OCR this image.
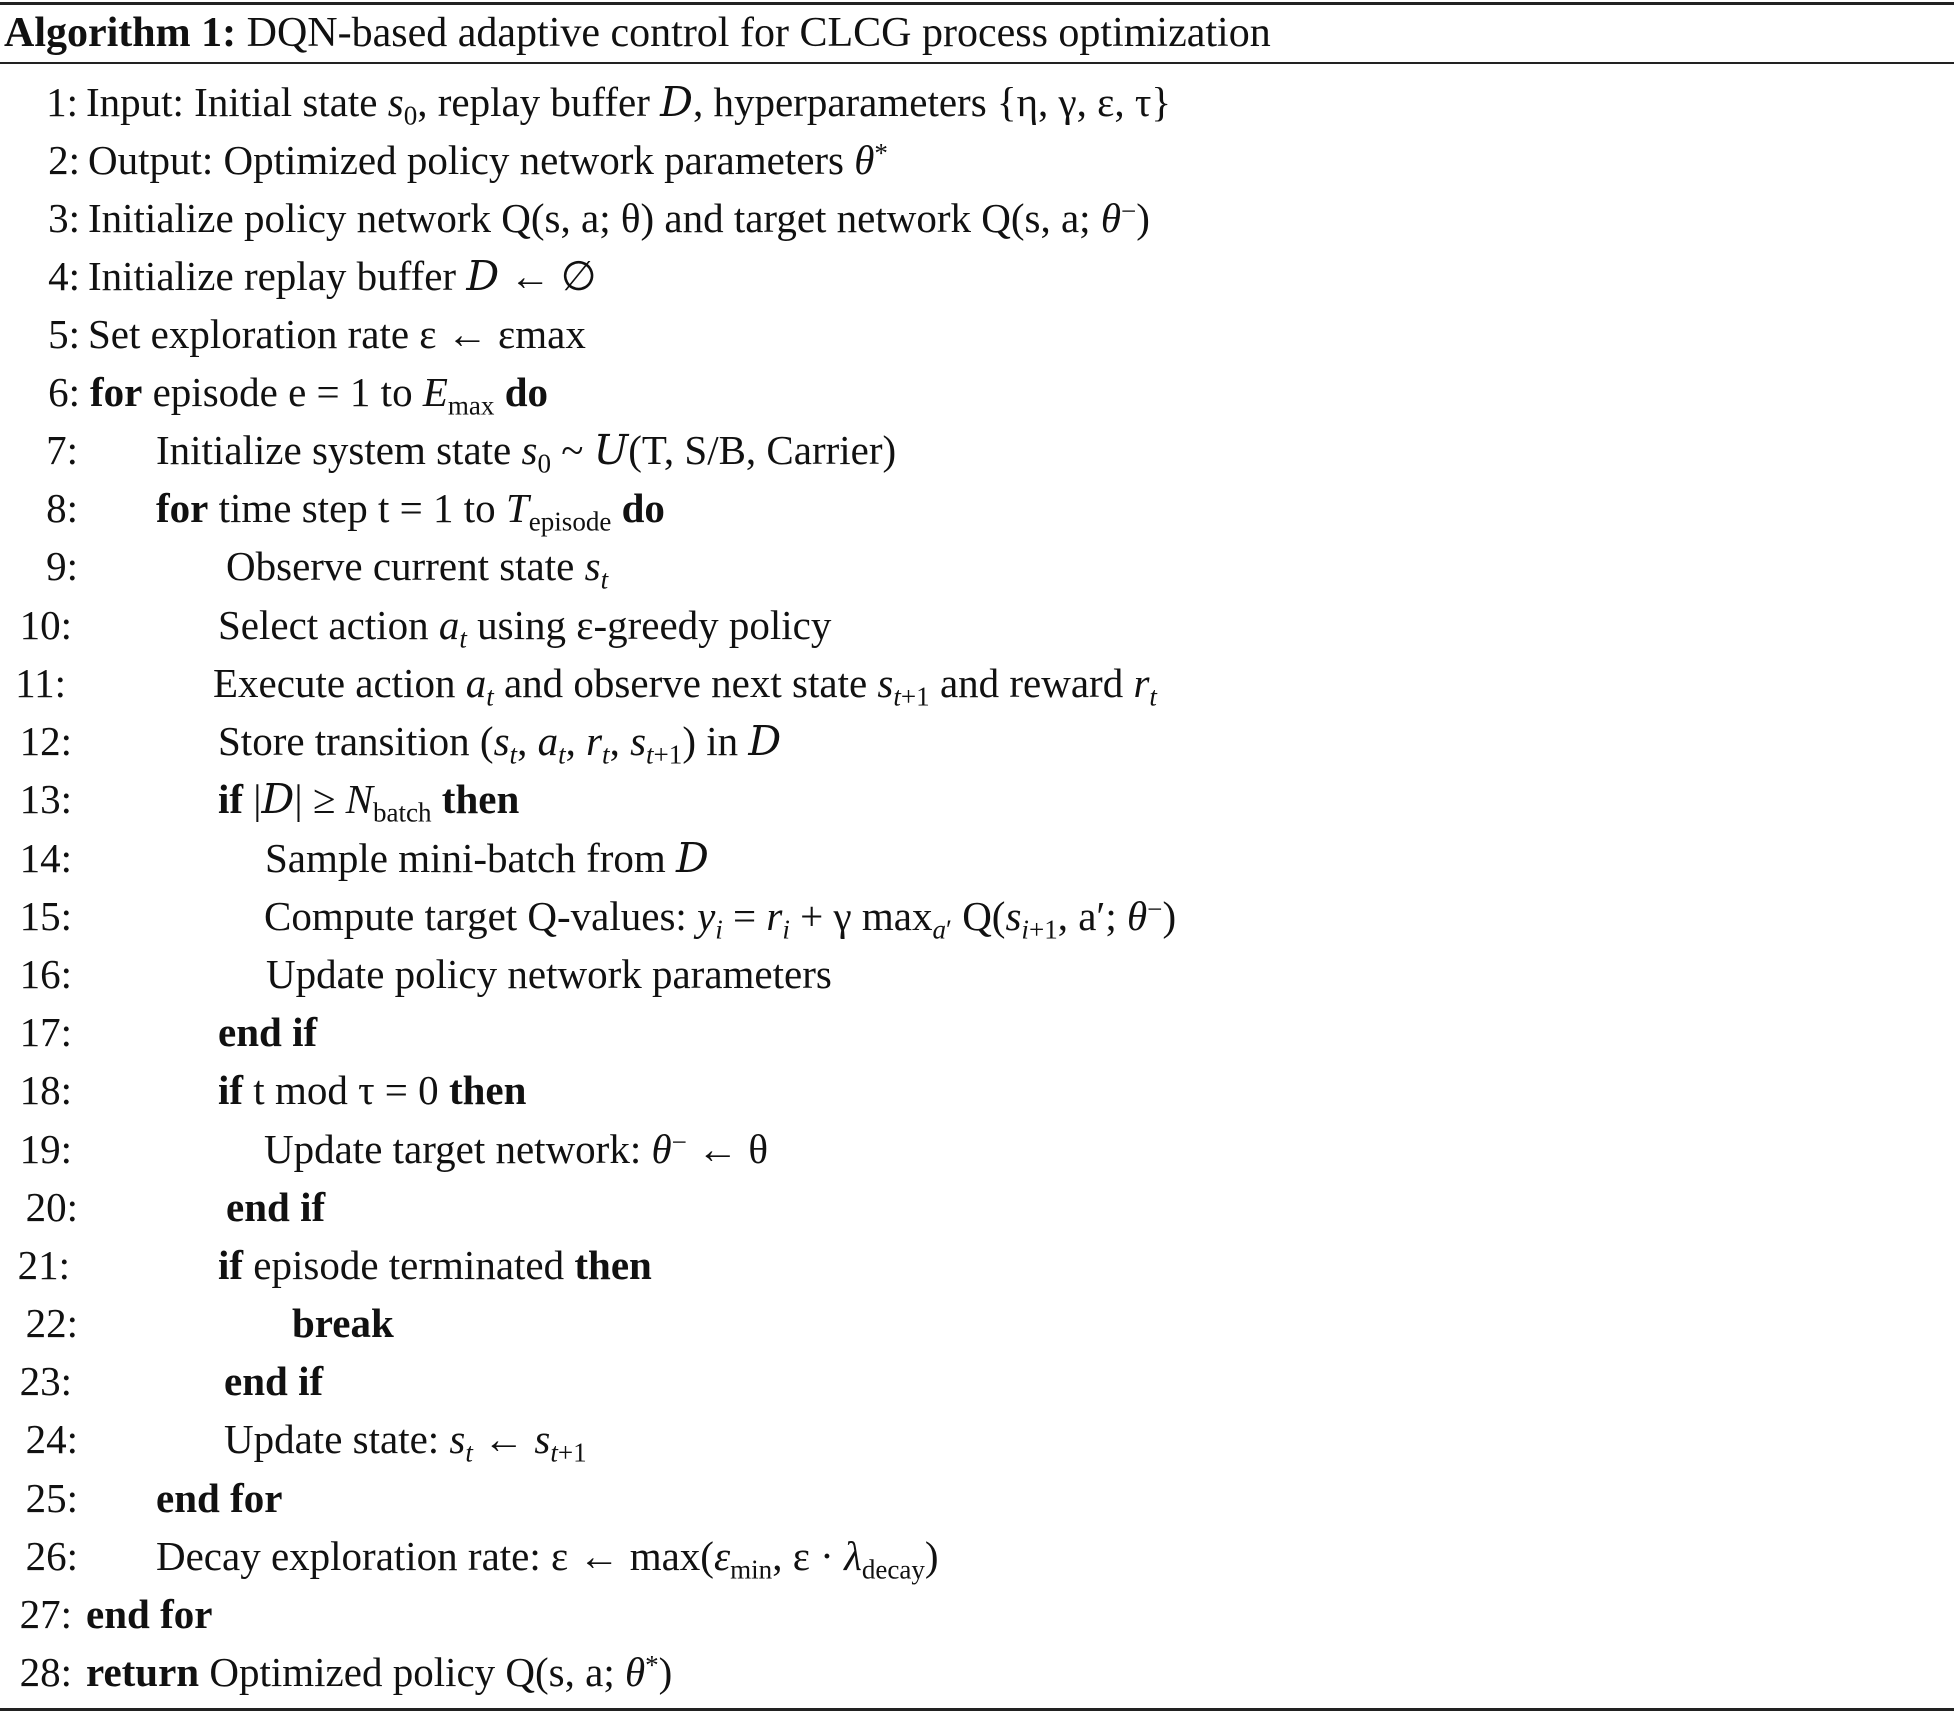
Algorithm 1: DQN-based adaptive control for CLCG process optimization
1: Input: Initial state $s_0$, replay buffer D, hyperparameters {η, γ, ε, τ}
2: Output: Optimized policy network parameters θ*
3: Initialize policy network Q(s, a; θ) and target network Q(s, a; θ−)
4: Initialize replay buffer D ← ∅
5: Set exploration rate ε ← εmax
6: for episode e = 1 to $E_{max}$ do
7: Initialize system state $s_0$ ~ U(T, S/B, Carrier)
8: for time step t = 1 to $T_{episode}$ do
9:	Observe current state $s_t$
10:	Select action $a_t$ using ε-greedy policy
11:	Execute action $a_t$ and observe next state $s_{t+1}$ and reward $r_t$
12:	Store transition ($s_t$, $a_t$, $r_t$, $s_{t+1}$) in D
13:	if $|D| \ge N_{batch}$ then
14:	Sample mini-batch from D
15:	Compute target Q-values: $y_i = r_i + \gamma$ $\max_{a'} Q(s_{i+1}$, a′; θ−)
16:	Update policy network parameters
17:	end if
18:	if t mod τ = 0 then
19:	Update target network: θ− ← θ
20:	end if
21:	if episode terminated then
22:	break
23:	end if
24:	Update state: $s_t$ ← $s_{t+1}$
25: end for
26: Decay exploration rate: ε ← $\max(\varepsilon_{min}$, $\varepsilon \cdot \lambda_{decay}$)
27: end for
28: return Optimized policy Q(s, a; θ*)
